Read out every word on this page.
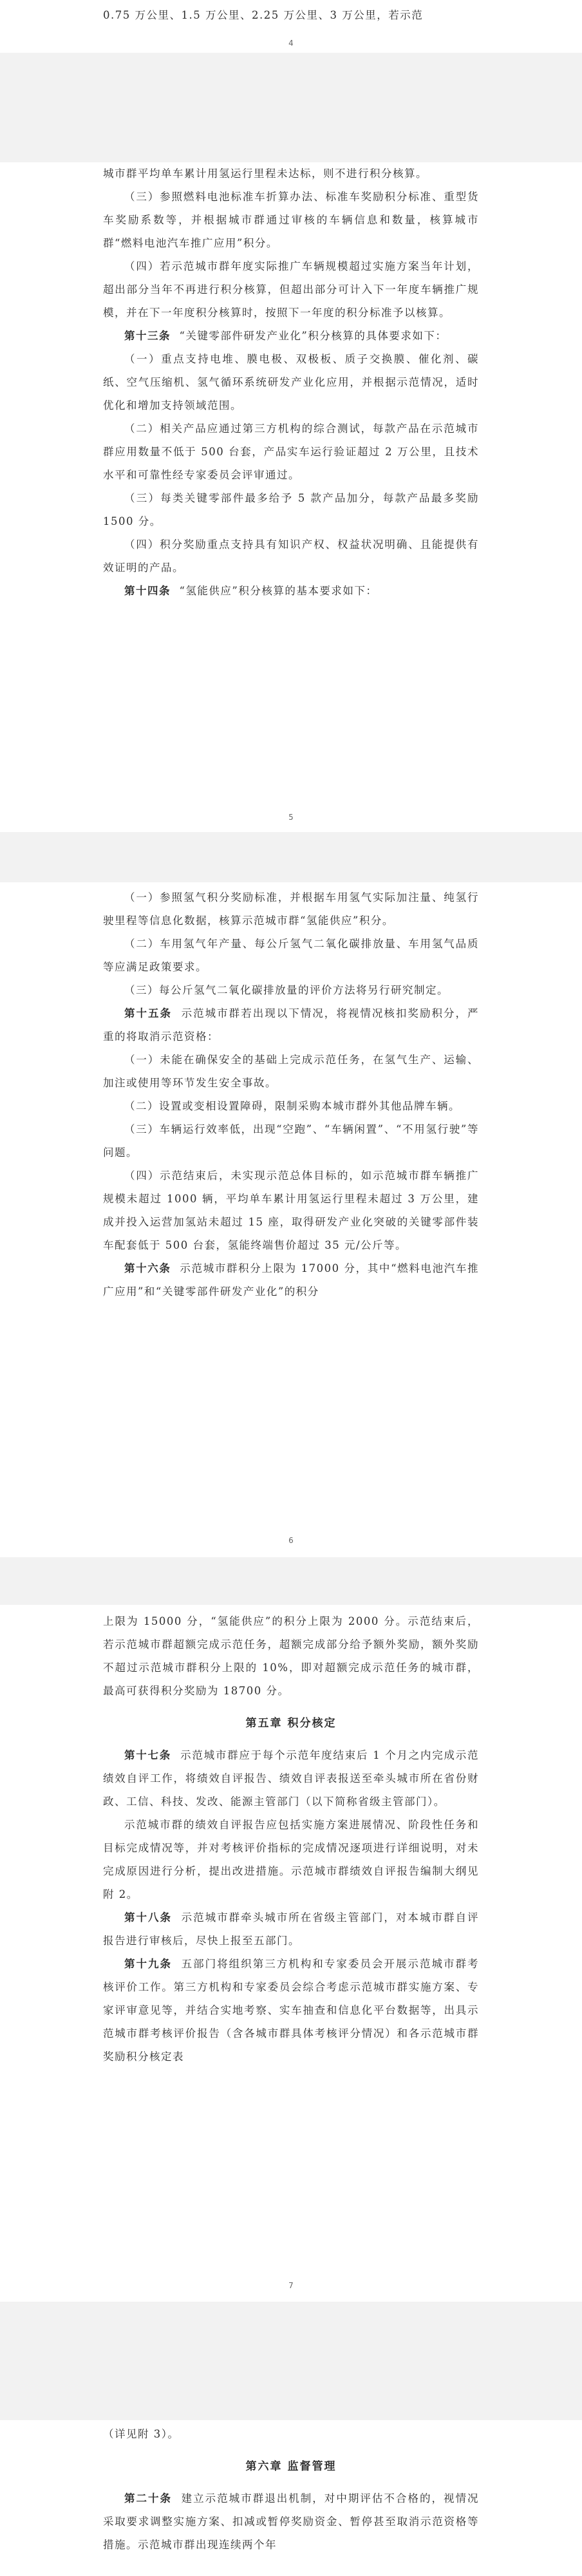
0.75 万公里、1.5 万公里、2.25 万公里、3 万公里，若示范

4

城市群平均单车累计用氢运行里程未达标，则不进行积分核算。

（三）参照燃料电池标准车折算办法、标准车奖励积分标准、重型货车奖励系数等，并根据城市群通过审核的车辆信息和数量，核算城市群“燃料电池汽车推广应用”积分。

（四）若示范城市群年度实际推广车辆规模超过实施方案当年计划，超出部分当年不再进行积分核算，但超出部分可计入下一年度车辆推广规模，并在下一年度积分核算时，按照下一年度的积分标准予以核算。

第十三条 “关键零部件研发产业化”积分核算的具体要求如下：

（一）重点支持电堆、膜电极、双极板、质子交换膜、催化剂、碳纸、空气压缩机、氢气循环系统研发产业化应用，并根据示范情况，适时优化和增加支持领域范围。

（二）相关产品应通过第三方机构的综合测试，每款产品在示范城市群应用数量不低于 500 台套，产品实车运行验证超过 2 万公里，且技术水平和可靠性经专家委员会评审通过。

（三）每类关键零部件最多给予 5 款产品加分，每款产品最多奖励 1500 分。

（四）积分奖励重点支持具有知识产权、权益状况明确、且能提供有效证明的产品。

第十四条 “氢能供应”积分核算的基本要求如下：

5

（一）参照氢气积分奖励标准，并根据车用氢气实际加注量、纯氢行驶里程等信息化数据，核算示范城市群“氢能供应”积分。

（二）车用氢气年产量、每公斤氢气二氧化碳排放量、车用氢气品质等应满足政策要求。

（三）每公斤氢气二氧化碳排放量的评价方法将另行研究制定。

第十五条 示范城市群若出现以下情况，将视情况核扣奖励积分，严重的将取消示范资格：

（一）未能在确保安全的基础上完成示范任务，在氢气生产、运输、加注或使用等环节发生安全事故。

（二）设置或变相设置障碍，限制采购本城市群外其他品牌车辆。

（三）车辆运行效率低，出现“空跑”、“车辆闲置”、“不用氢行驶”等问题。

（四）示范结束后，未实现示范总体目标的，如示范城市群车辆推广规模未超过 1000 辆，平均单车累计用氢运行里程未超过 3 万公里，建成并投入运营加氢站未超过 15 座，取得研发产业化突破的关键零部件装车配套低于 500 台套，氢能终端售价超过 35 元/公斤等。

第十六条 示范城市群积分上限为 17000 分，其中“燃料电池汽车推广应用”和“关键零部件研发产业化”的积分

6

上限为 15000 分，“氢能供应”的积分上限为 2000 分。示范结束后，若示范城市群超额完成示范任务，超额完成部分给予额外奖励，额外奖励不超过示范城市群积分上限的 10%，即对超额完成示范任务的城市群，最高可获得积分奖励为 18700 分。

第五章 积分核定

第十七条 示范城市群应于每个示范年度结束后 1 个月之内完成示范绩效自评工作，将绩效自评报告、绩效自评表报送至牵头城市所在省份财政、工信、科技、发改、能源主管部门（以下简称省级主管部门）。

示范城市群的绩效自评报告应包括实施方案进展情况、阶段性任务和目标完成情况等，并对考核评价指标的完成情况逐项进行详细说明，对未完成原因进行分析，提出改进措施。示范城市群绩效自评报告编制大纲见附 2。

第十八条 示范城市群牵头城市所在省级主管部门，对本城市群自评报告进行审核后，尽快上报至五部门。

第十九条 五部门将组织第三方机构和专家委员会开展示范城市群考核评价工作。第三方机构和专家委员会综合考虑示范城市群实施方案、专家评审意见等，并结合实地考察、实车抽查和信息化平台数据等，出具示范城市群考核评价报告（含各城市群具体考核评分情况）和各示范城市群奖励积分核定表

7

（详见附 3）。

第六章 监督管理

第二十条 建立示范城市群退出机制，对中期评估不合格的，视情况采取要求调整实施方案、扣减或暂停奖励资金、暂停甚至取消示范资格等措施。示范城市群出现连续两个年
